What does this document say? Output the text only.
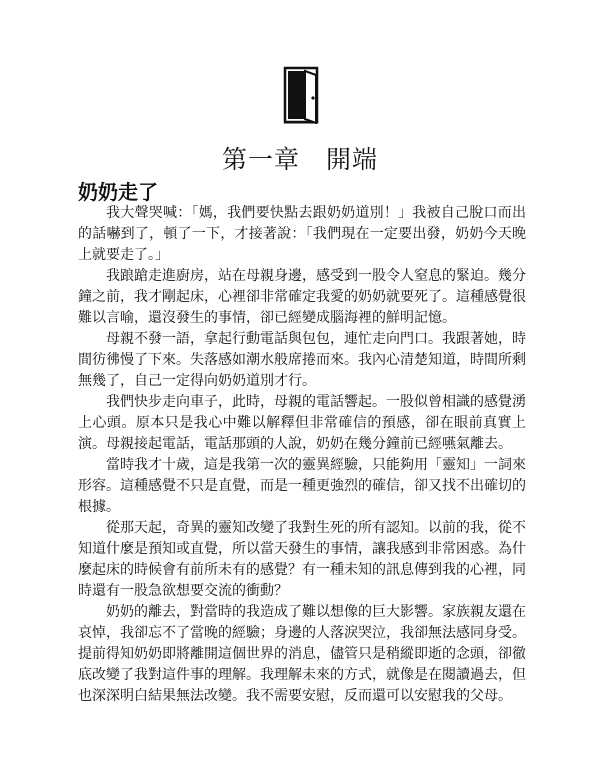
第一章　開端
奶奶走了

我大聲哭喊：「媽，我們要快點去跟奶奶道別！」我被自己脫口而出的話嚇到了，頓了一下，才接著說：「我們現在一定要出發，奶奶今天晚上就要走了。」

我踉蹌走進廚房，站在母親身邊，感受到一股令人窒息的緊迫。幾分鐘之前，我才剛起床，心裡卻非常確定我愛的奶奶就要死了。這種感覺很難以言喻，還沒發生的事情，卻已經變成腦海裡的鮮明記憶。

母親不發一語，拿起行動電話與包包，連忙走向門口。我跟著她，時間彷彿慢了下來。失落感如潮水般席捲而來。我內心清楚知道，時間所剩無幾了，自己一定得向奶奶道別才行。

我們快步走向車子，此時，母親的電話響起。一股似曾相識的感覺湧上心頭。原本只是我心中難以解釋但非常確信的預感，卻在眼前真實上演。母親接起電話，電話那頭的人說，奶奶在幾分鐘前已經嚥氣離去。

當時我才十歲，這是我第一次的靈異經驗，只能夠用「靈知」一詞來形容。這種感覺不只是直覺，而是一種更強烈的確信，卻又找不出確切的根據。

從那天起，奇異的靈知改變了我對生死的所有認知。以前的我，從不知道什麼是預知或直覺，所以當天發生的事情，讓我感到非常困惑。為什麼起床的時候會有前所未有的感覺？有一種未知的訊息傳到我的心裡，同時還有一股急欲想要交流的衝動？

奶奶的離去，對當時的我造成了難以想像的巨大影響。家族親友還在哀悼，我卻忘不了當晚的經驗；身邊的人落淚哭泣，我卻無法感同身受。提前得知奶奶即將離開這個世界的消息，儘管只是稍縱即逝的念頭，卻徹底改變了我對這件事的理解。我理解未來的方式，就像是在閱讀過去，但也深深明白結果無法改變。我不需要安慰，反而還可以安慰我的父母。
